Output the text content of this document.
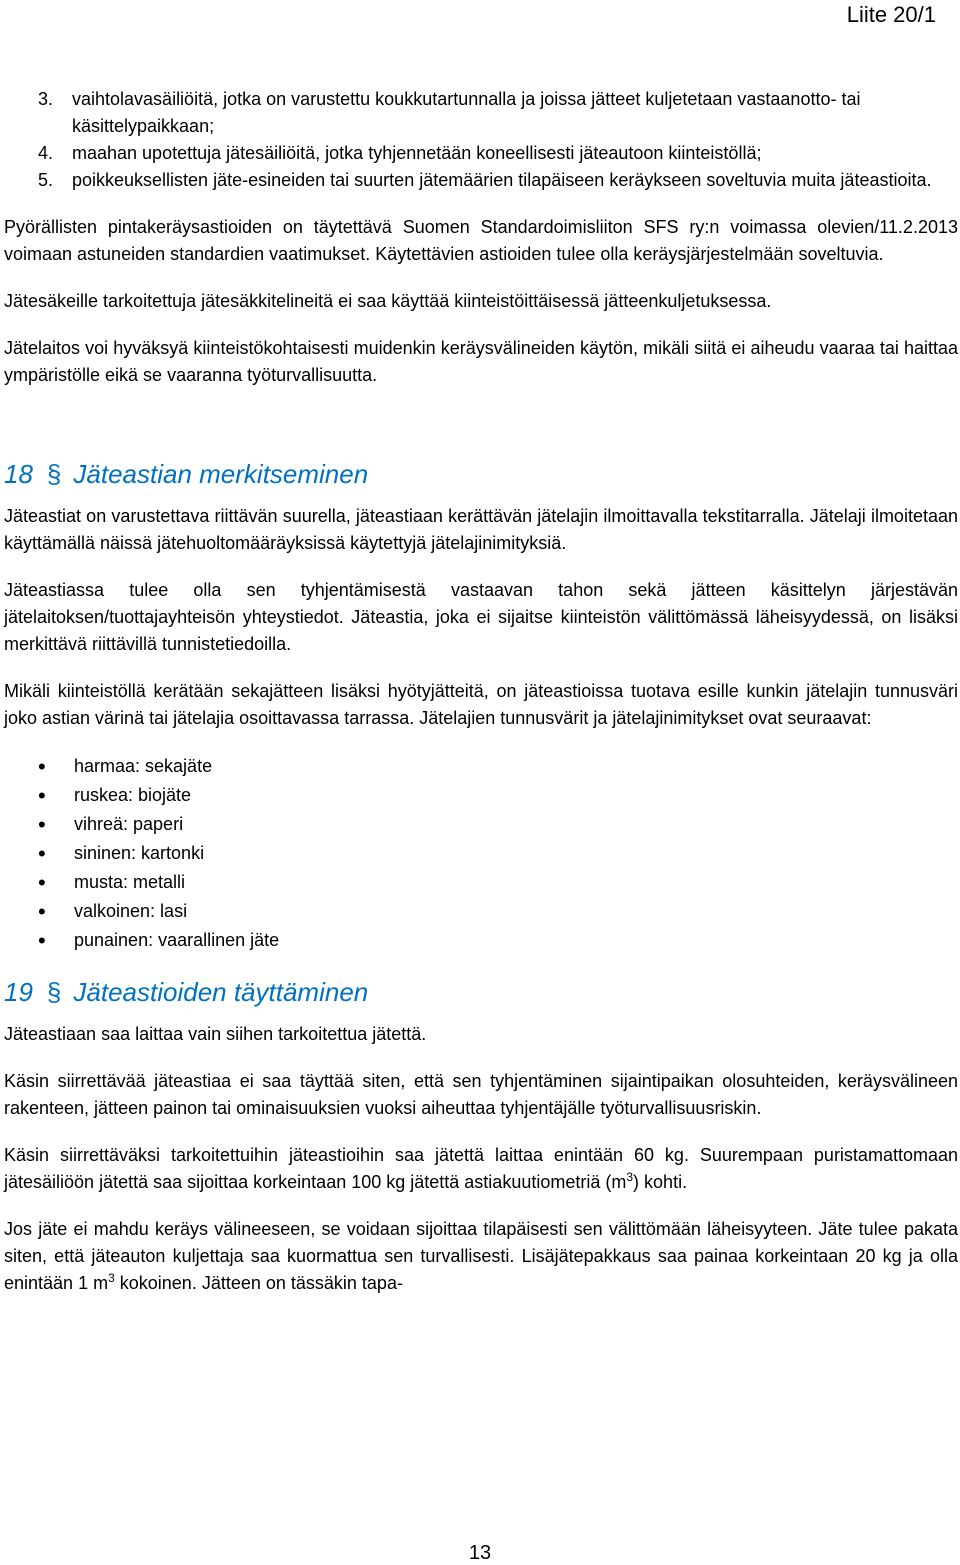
Liite 20/1
3. vaihtolavasäiliöitä, jotka on varustettu koukkutartunnalla ja joissa jätteet kuljetetaan vastaanotto- tai käsittelypaikkaan;
4. maahan upotettuja jätesäiliöitä, jotka tyhjennetään koneellisesti jäteautoon kiinteistöllä;
5. poikkeuksellisten jäte-esineiden tai suurten jätemäärien tilapäiseen keräykseen soveltuvia muita jäteastioita.

Pyörällisten pintakeräysastioiden on täytettävä Suomen Standardoimisliiton SFS ry:n voimassa olevien/11.2.2013 voimaan astuneiden standardien vaatimukset. Käytettävien astioiden tulee olla keräysjärjestelmään soveltuvia.

Jätesäkeille tarkoitettuja jätesäkkitelineitä ei saa käyttää kiinteistöittäisessä jätteenkuljetuksessa.

Jätelaitos voi hyväksyä kiinteistökohtaisesti muidenkin keräysvälineiden käytön, mikäli siitä ei aiheudu vaaraa tai haittaa ympäristölle eikä se vaaranna työturvallisuutta.

18 § Jäteastian merkitseminen

Jäteastiat on varustettava riittävän suurella, jäteastiaan kerättävän jätelajin ilmoittavalla tekstitarralla. Jätelaji ilmoitetaan käyttämällä näissä jätehuoltomääräyksissä käytettyjä jätelajinimityksiä.

Jäteastiassa tulee olla sen tyhjentämisestä vastaavan tahon sekä jätteen käsittelyn järjestävän jätelaitoksen/tuottajayhteisön yhteystiedot. Jäteastia, joka ei sijaitse kiinteistön välittömässä läheisyydessä, on lisäksi merkittävä riittävillä tunnistetiedoilla.

Mikäli kiinteistöllä kerätään sekajätteen lisäksi hyötyjätteitä, on jäteastioissa tuotava esille kunkin jätelajin tunnusväri joko astian värinä tai jätelajia osoittavassa tarrassa. Jätelajien tunnusvärit ja jätelajinimitykset ovat seuraavat:

• harmaa: sekajäte
• ruskea: biojäte
• vihreä: paperi
• sininen: kartonki
• musta: metalli
• valkoinen: lasi
• punainen: vaarallinen jäte
19 § Jäteastioiden täyttäminen

Jäteastiaan saa laittaa vain siihen tarkoitettua jätettä.

Käsin siirrettävää jäteastiaa ei saa täyttää siten, että sen tyhjentäminen sijaintipaikan olosuhteiden, keräysvälineen rakenteen, jätteen painon tai ominaisuuksien vuoksi aiheuttaa tyhjentäjälle työturvallisuusriskin.

Käsin siirrettäväksi tarkoitettuihin jäteastioihin saa jätettä laittaa enintään 60 kg. Suurempaan puristamattomaan jätesäiliöön jätettä saa sijoittaa korkeintaan 100 kg jätettä astiakuutiometriä $(m^3)$ kohti.

Jos jäte ei mahdu keräys välineeseen, se voidaan sijoittaa tilapäisesti sen välittömään läheisyyteen. Jäte tulee pakata siten, että jäteauton kuljettaja saa kuormattua sen turvallisesti. Lisäjätepakkaus saa painaa korkeintaan 20 kg ja olla enintään 1 $m^3$ kokoinen. Jätteen on tässäkin tapa-

13
